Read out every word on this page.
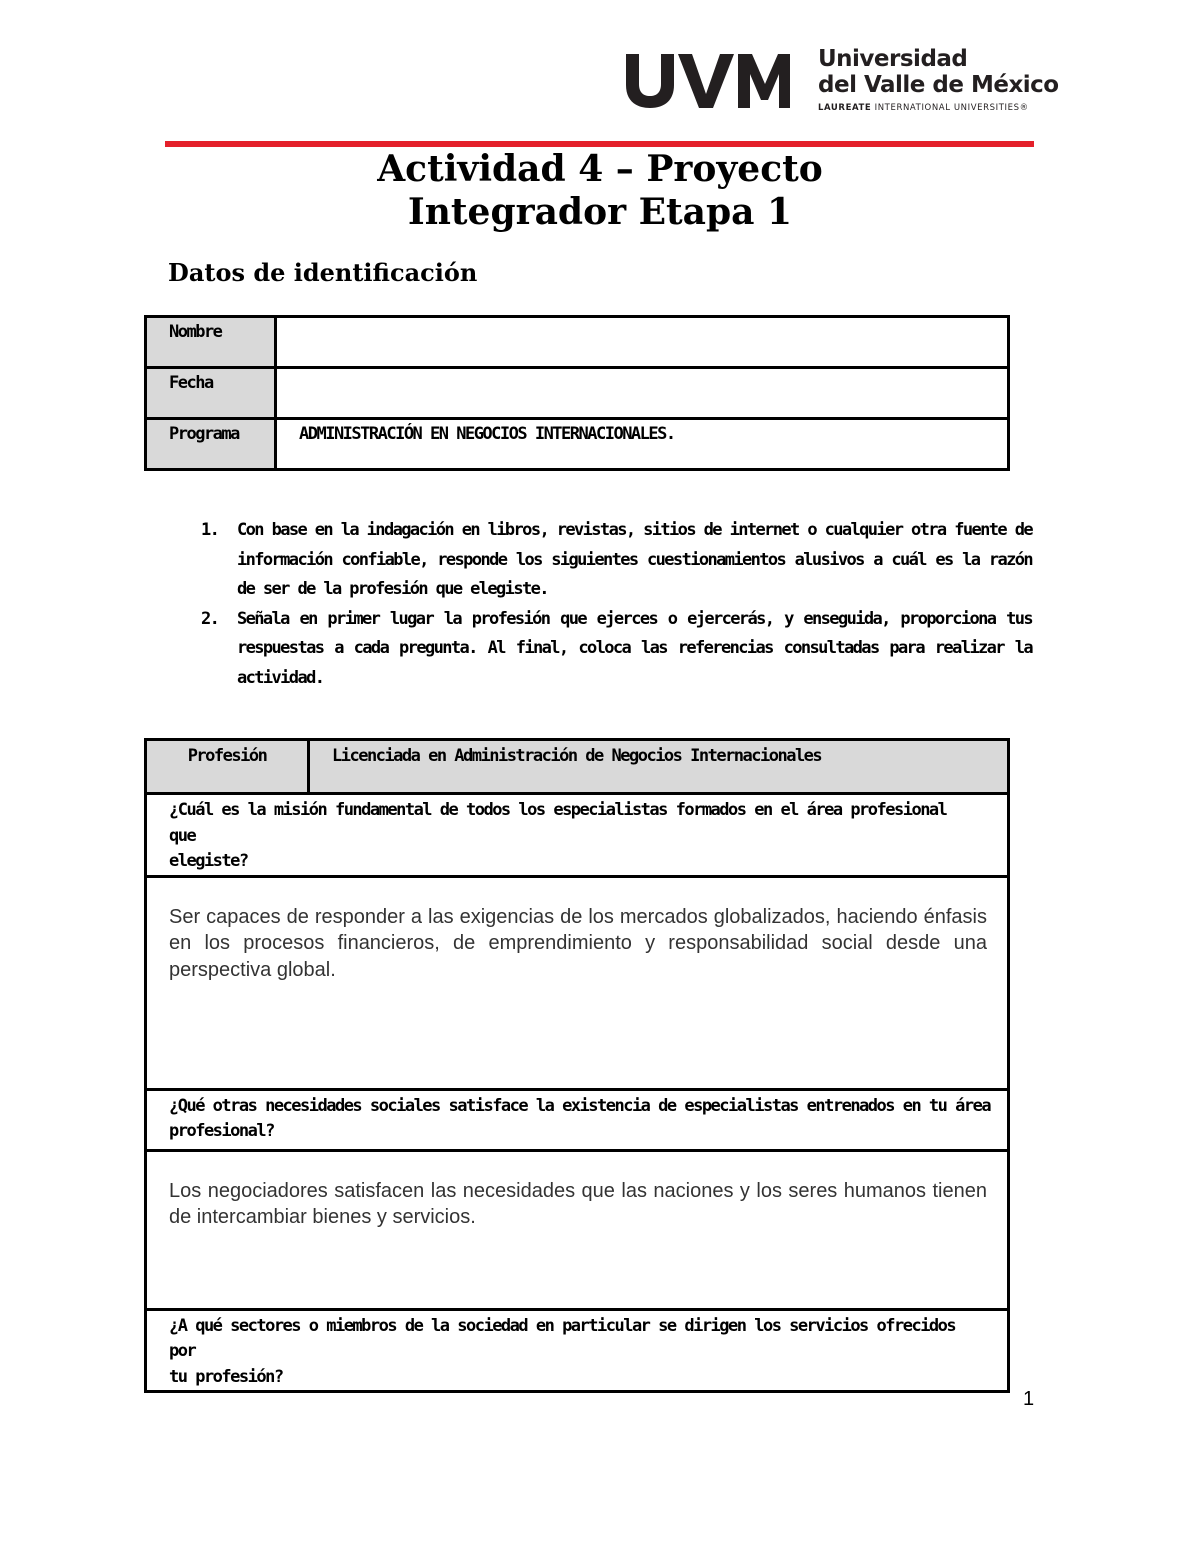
Universidad
del Valle de México
LAUREATE INTERNATIONAL UNIVERSITIES®
Actividad 4 – Proyecto
Integrador Etapa 1
Datos de identificación
Nombre	
Fecha	
Programa	ADMINISTRACIÓN EN NEGOCIOS INTERNACIONALES.
1. Con base en la indagación en libros, revistas, sitios de internet o cualquier otra fuente de información confiable, responde los siguientes cuestionamientos alusivos a cuál es la razón de ser de la profesión que elegiste.
2. Señala en primer lugar la profesión que ejerces o ejercerás, y enseguida, proporciona tus respuestas a cada pregunta. Al final, coloca las referencias consultadas para realizar la actividad.
Profesión	Licenciada en Administración de Negocios Internacionales

¿Cuál es la misión fundamental de todos los especialistas formados en el área profesional
que
elegiste?

Ser capaces de responder a las exigencias de los mercados globalizados, haciendo énfasis en los procesos financieros, de emprendimiento y responsabilidad social desde una perspectiva global.

¿Qué otras necesidades sociales satisface la existencia de especialistas entrenados en tu área
profesional?

Los negociadores satisfacen las necesidades que las naciones y los seres humanos tienen de intercambiar bienes y servicios.

¿A qué sectores o miembros de la sociedad en particular se dirigen los servicios ofrecidos
por
tu profesión?
1
